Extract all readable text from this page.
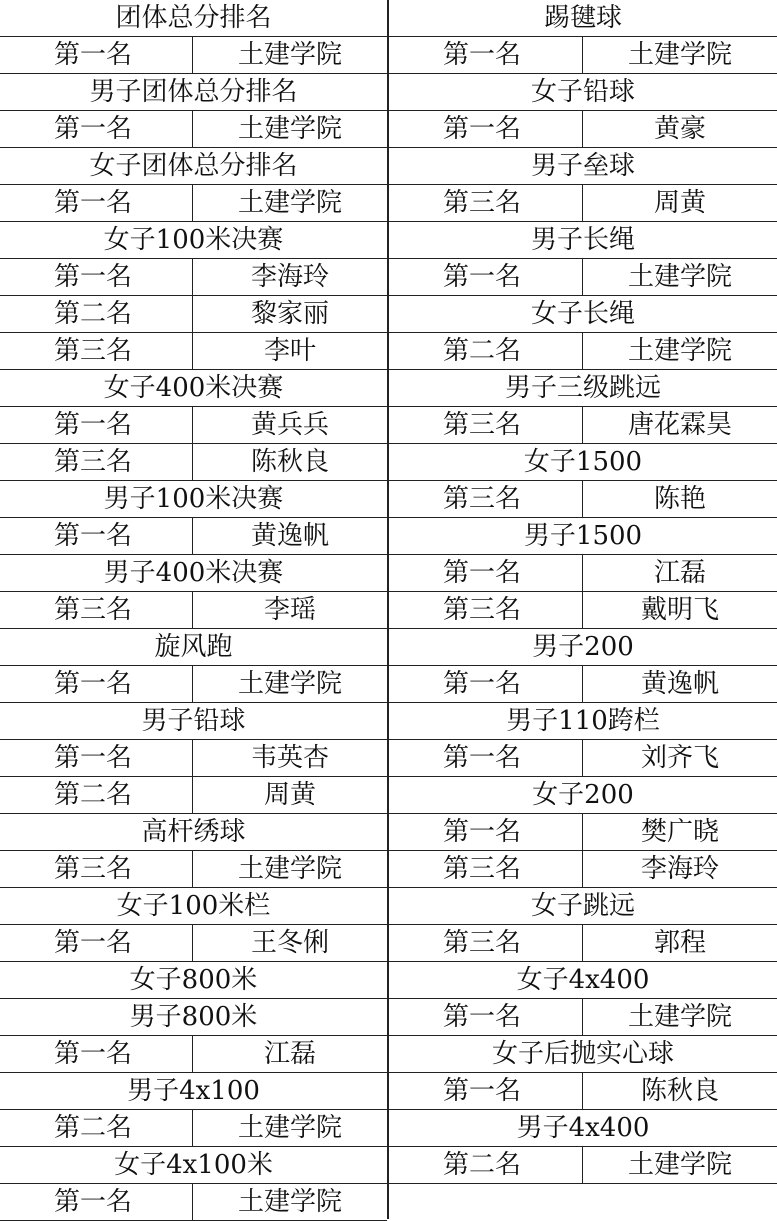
团体总分排名
第一名	土建学院
男子团体总分排名
第一名	土建学院
女子团体总分排名
第一名	土建学院
女子100米决赛
第一名	李海玲
第二名	黎家丽
第三名	李叶
女子400米决赛
第一名	黄兵兵
第三名	陈秋良
男子100米决赛
第一名	黄逸帆
男子400米决赛
第三名	李瑶
旋风跑
第一名	土建学院
男子铅球
第一名	韦英杏
第二名	周黄
高杆绣球
第三名	土建学院
女子100米栏
第一名	王冬俐
女子800米
男子800米
第一名	江磊
男子4x100
第二名	土建学院
女子4x100米
第一名	土建学院
踢毽球
第一名	土建学院
女子铅球
第一名	黄豪
男子垒球
第三名	周黄
男子长绳
第一名	土建学院
女子长绳
第二名	土建学院
男子三级跳远
第三名	唐花霖昊
女子1500
第三名	陈艳
男子1500
第一名	江磊
第三名	戴明飞
男子200
第一名	黄逸帆
男子110跨栏
第一名	刘齐飞
女子200
第一名	樊广晓
第三名	李海玲
女子跳远
第三名	郭程
女子4x400
第一名	土建学院
女子后抛实心球
第一名	陈秋良
男子4x400
第二名	土建学院
